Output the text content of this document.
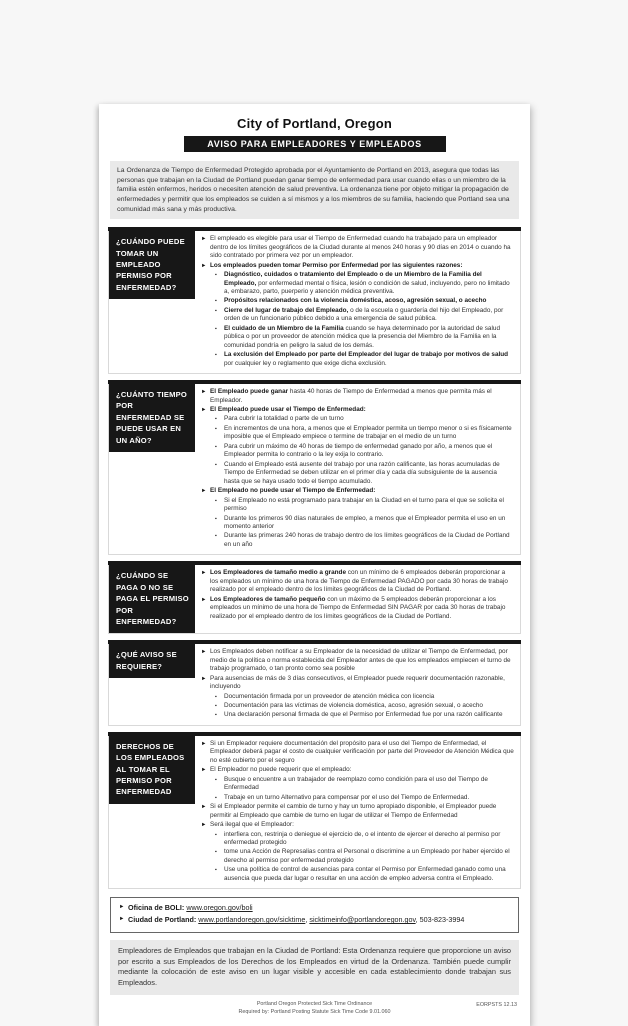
City of Portland, Oregon
AVISO PARA EMPLEADORES Y EMPLEADOS
La Ordenanza de Tiempo de Enfermedad Protegido aprobada por el Ayuntamiento de Portland en 2013, asegura que todas las personas que trabajan en la Ciudad de Portland puedan ganar tiempo de enfermedad para usar cuando ellas o un miembro de la familia estén enfermos, heridos o necesiten atención de salud preventiva. La ordenanza tiene por objeto mitigar la propagación de enfermedades y permitir que los empleados se cuiden a sí mismos y a los miembros de su familia, haciendo que Portland sea una comunidad más sana y más productiva.
¿CUÁNDO PUEDE TOMAR UN EMPLEADO PERMISO POR ENFERMEDAD?
► El empleado es elegible para usar el Tiempo de Enfermedad cuando ha trabajado para un empleador dentro de los límites geográficos de la Ciudad durante al menos 240 horas y 90 días en 2014 o cuando ha sido contratado por primera vez por un empleador.
► Los empleados pueden tomar Permiso por Enfermedad por las siguientes razones:
▪	Diagnóstico, cuidados o tratamiento del Empleado o de un Miembro de la Familia del Empleado, por enfermedad mental o física, lesión o condición de salud, incluyendo, pero no limitado a, embarazo, parto, puerperio y atención médica preventiva.
▪	Propósitos relacionados con la violencia doméstica, acoso, agresión sexual, o acecho
▪	Cierre del lugar de trabajo del Empleado, o de la escuela o guardería del hijo del Empleado, por orden de un funcionario público debido a una emergencia de salud pública.
▪	El cuidado de un Miembro de la Familia cuando se haya determinado por la autoridad de salud pública o por un proveedor de atención médica que la presencia del Miembro de la Familia en la comunidad pondría en peligro la salud de los demás.
▪	La exclusión del Empleado por parte del Empleador del lugar de trabajo por motivos de salud por cualquier ley o reglamento que exige dicha exclusión.
¿CUÁNTO TIEMPO POR ENFERMEDAD SE PUEDE USAR EN UN AÑO?
► El Empleado puede ganar hasta 40 horas de Tiempo de Enfermedad a menos que permita más el Empleador.
► El Empleado puede usar el Tiempo de Enfermedad:
▪	Para cubrir la totalidad o parte de un turno
▪	En incrementos de una hora, a menos que el Empleador permita un tiempo menor o si es físicamente imposible que el Empleado empiece o termine de trabajar en el medio de un turno
▪	Para cubrir un máximo de 40 horas de tiempo de enfermedad ganado por año, a menos que el Empleador permita lo contrario o la ley exija lo contrario.
▪	Cuando el Empleado está ausente del trabajo por una razón calificante, las horas acumuladas de Tiempo de Enfermedad se deben utilizar en el primer día y cada día subsiguiente de la ausencia hasta que se haya usado todo el tiempo acumulado.
► El Empleado no puede usar el Tiempo de Enfermedad:
▪	Si el Empleado no está programado para trabajar en la Ciudad en el turno para el que se solicita el permiso
▪	Durante los primeros 90 días naturales de empleo, a menos que el Empleador permita el uso en un momento anterior
▪	Durante las primeras 240 horas de trabajo dentro de los límites geográficos de la Ciudad de Portland en un año
¿CUÁNDO SE PAGA O NO SE PAGA EL PERMISO POR ENFERMEDAD?
► Los Empleadores de tamaño medio a grande con un mínimo de 6 empleados deberán proporcionar a los empleados un mínimo de una hora de Tiempo de Enfermedad PAGADO por cada 30 horas de trabajo realizado por el empleado dentro de los límites geográficos de la Ciudad de Portland.
► Los Empleadores de tamaño pequeño con un máximo de 5 empleados deberán proporcionar a los empleados un mínimo de una hora de Tiempo de Enfermedad SIN PAGAR por cada 30 horas de trabajo realizado por el empleado dentro de los límites geográficos de la Ciudad de Portland.
¿QUÉ AVISO SE REQUIERE?
► Los Empleados deben notificar a su Empleador de la necesidad de utilizar el Tiempo de Enfermedad, por medio de la política o norma establecida del Empleador antes de que los empleados empiecen el turno de trabajo programado, o tan pronto como sea posible
► Para ausencias de más de 3 días consecutivos, el Empleador puede requerir documentación razonable, incluyendo
▪	Documentación firmada por un proveedor de atención médica con licencia
▪	Documentación para las víctimas de violencia doméstica, acoso, agresión sexual, o acecho
▪	Una declaración personal firmada de que el Permiso por Enfermedad fue por una razón calificante
DERECHOS DE LOS EMPLEADOS AL TOMAR EL PERMISO POR ENFERMEDAD
► Si un Empleador requiere documentación del propósito para el uso del Tiempo de Enfermedad, el Empleador deberá pagar el costo de cualquier verificación por parte del Proveedor de Atención Médica que no esté cubierto por el seguro
► El Empleador no puede requerir que el empleado:
▪	Busque o encuentre a un trabajador de reemplazo como condición para el uso del Tiempo de Enfermedad
▪	Trabaje en un turno Alternativo para compensar por el uso del Tiempo de Enfermedad.
► Si el Empleador permite el cambio de turno y hay un turno apropiado disponible, el Empleador puede permitir al Empleado que cambie de turno en lugar de utilizar el Tiempo de Enfermedad
► Será ilegal que el Empleador:
▪	interfiera con, restrinja o deniegue el ejercicio de, o el intento de ejercer el derecho al permiso por enfermedad protegido
▪	tome una Acción de Represalias contra el Personal o discrimine a un Empleado por haber ejercido el derecho al permiso por enfermedad protegido
▪	Use una política de control de ausencias para contar el Permiso por Enfermedad ganado como una ausencia que pueda dar lugar o resultar en una acción de empleo adversa contra el Empleado.
► Oficina de BOLI: www.oregon.gov/boli
► Ciudad de Portland: www.portlandoregon.gov/sicktime, sicktimeinfo@portlandoregon.gov, 503-823-3994
Empleadores de Empleados que trabajan en la Ciudad de Portland: Esta Ordenanza requiere que proporcione un aviso por escrito a sus Empleados de los Derechos de los Empleados en virtud de la Ordenanza. También puede cumplir mediante la colocación de este aviso en un lugar visible y accesible en cada establecimiento donde trabajan sus Empleados.
Portland Oregon Protected Sick Time Ordinance
Required by: Portland Posting Statute Sick Time Code 9.01.060
EORPSTS 12.13
